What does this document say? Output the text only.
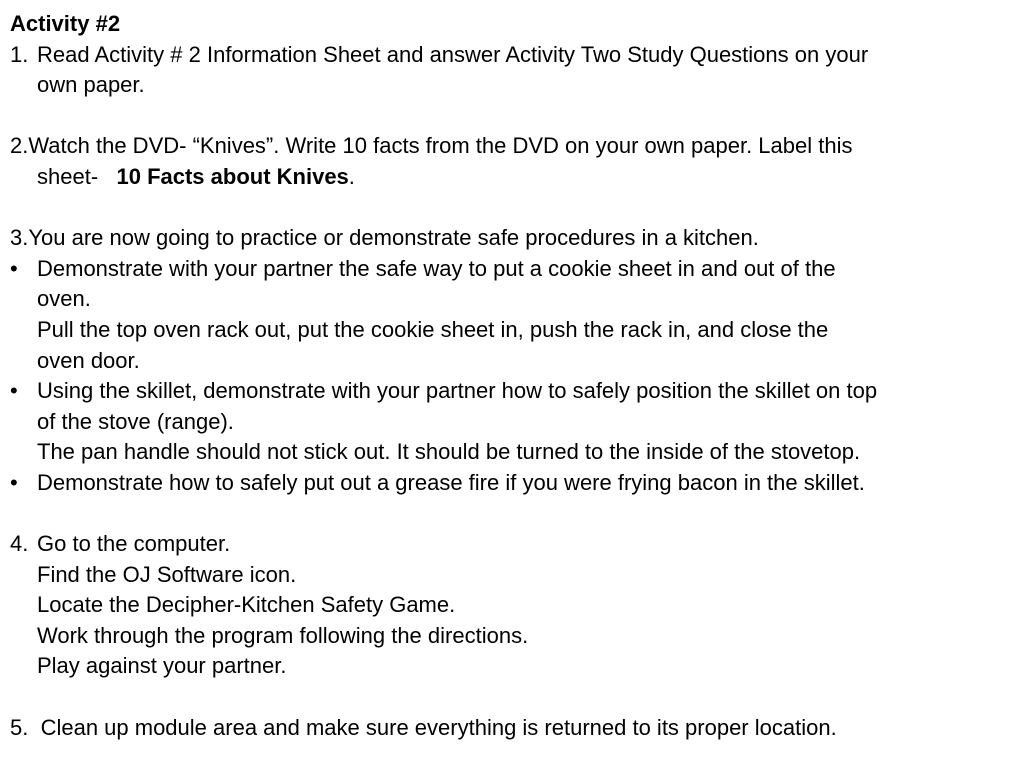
Activity #2
1. Read Activity # 2 Information Sheet and answer Activity Two Study Questions on your
own paper.
2.Watch the DVD- “Knives”. Write 10 facts from the DVD on your own paper. Label this
sheet-   10 Facts about Knives.
3.You are now going to practice or demonstrate safe procedures in a kitchen.
• Demonstrate with your partner the safe way to put a cookie sheet in and out of the
oven.
Pull the top oven rack out, put the cookie sheet in, push the rack in, and close the
oven door.
• Using the skillet, demonstrate with your partner how to safely position the skillet on top
of the stove (range).
The pan handle should not stick out. It should be turned to the inside of the stovetop.
• Demonstrate how to safely put out a grease fire if you were frying bacon in the skillet.
4. Go to the computer.
Find the OJ Software icon.
Locate the Decipher-Kitchen Safety Game.
Work through the program following the directions.
Play against your partner.
5.  Clean up module area and make sure everything is returned to its proper location.
